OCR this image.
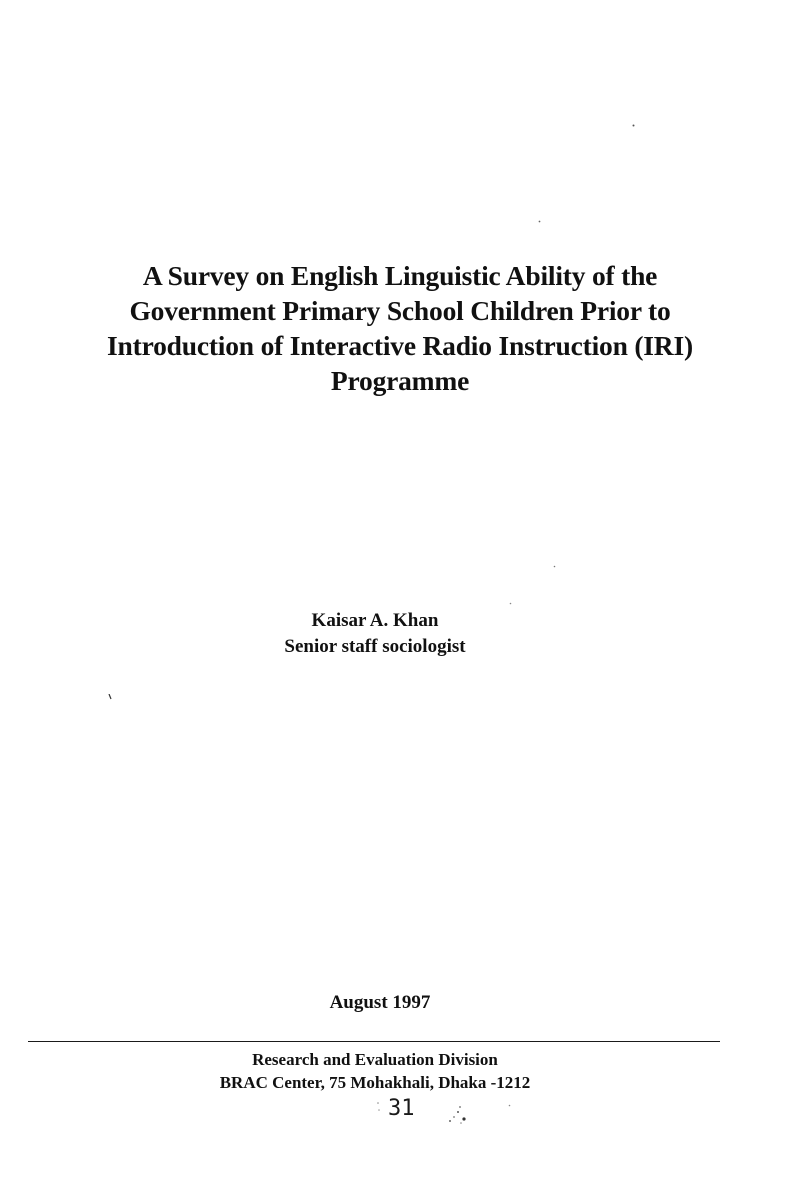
A Survey on English Linguistic Ability of the
Government Primary School Children Prior to
Introduction of Interactive Radio Instruction (IRI)
Programme
Kaisar A. Khan
Senior staff sociologist
August 1997
Research and Evaluation Division
BRAC Center, 75 Mohakhali, Dhaka -1212
31
